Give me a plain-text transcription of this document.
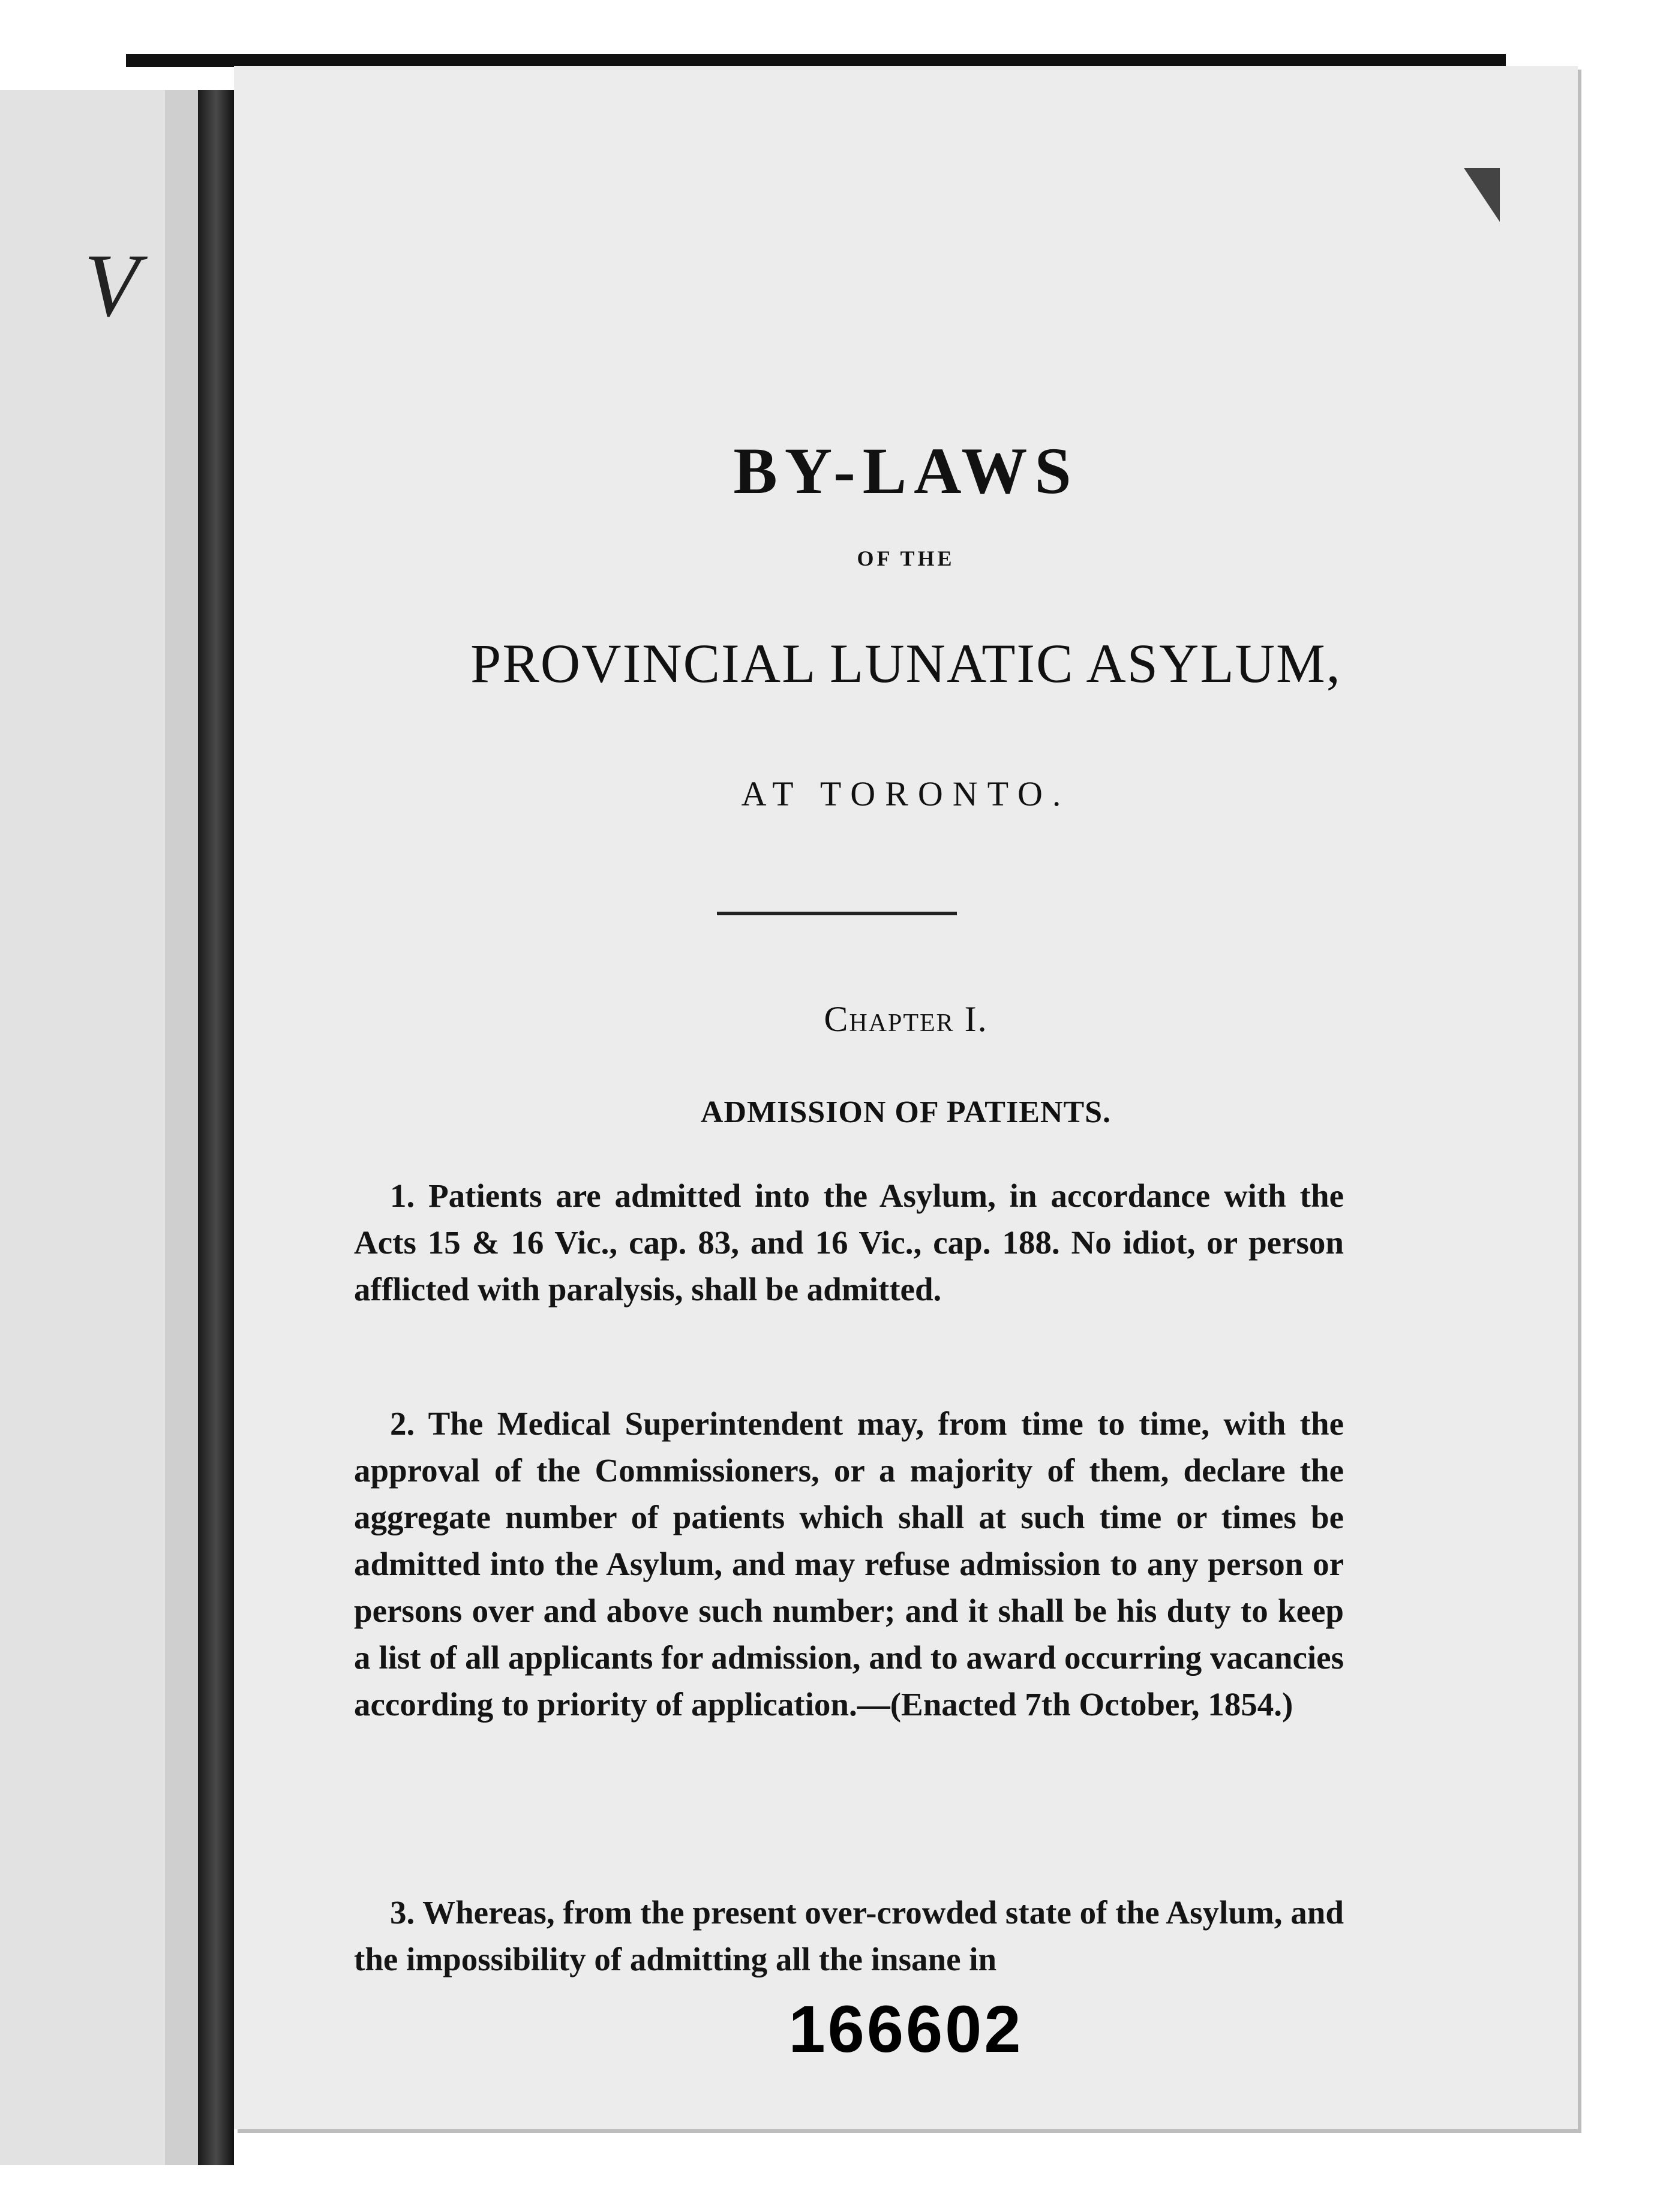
V
BY-LAWS
OF THE
PROVINCIAL LUNATIC ASYLUM,
AT TORONTO.
Chapter I.
ADMISSION OF PATIENTS.
1. Patients are admitted into the Asylum, in accordance with the Acts 15 & 16 Vic., cap. 83, and 16 Vic., cap. 188. No idiot, or person afflicted with paralysis, shall be admitted.
2. The Medical Superintendent may, from time to time, with the approval of the Commissioners, or a majority of them, declare the aggregate number of patients which shall at such time or times be admitted into the Asylum, and may refuse admission to any person or persons over and above such number; and it shall be his duty to keep a list of all applicants for admission, and to award occurring vacancies according to priority of application.—(Enacted 7th October, 1854.)
3. Whereas, from the present over-crowded state of the Asylum, and the impossibility of admitting all the insane in
166602
